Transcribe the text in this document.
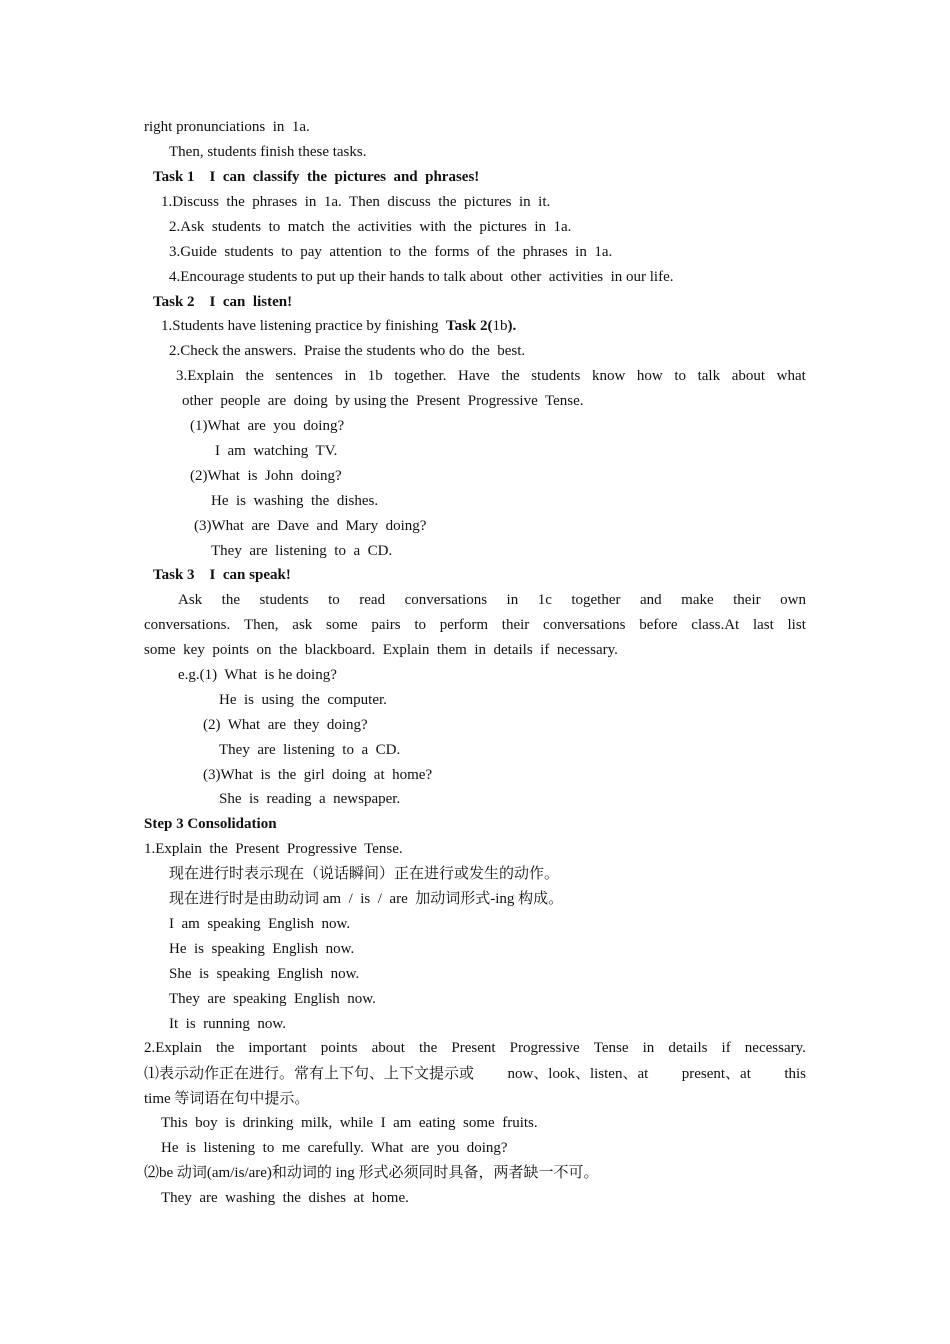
right pronunciations  in  1a.
Then, students finish these tasks.
Task 1    I  can  classify  the  pictures  and  phrases!
1.Discuss  the  phrases  in  1a.  Then  discuss  the  pictures  in  it.
2.Ask  students  to  match  the  activities  with  the  pictures  in  1a.
3.Guide  students  to  pay  attention  to  the  forms  of  the  phrases  in  1a.
4.Encourage students to put up their hands to talk about  other  activities  in our life.
Task 2    I  can  listen!
1.Students have listening practice by finishing  Task 2(1b).
2.Check the answers.  Praise the students who do  the  best.
3.Explain the sentences in 1b together. Have the students know how to talk about what
other  people  are  doing  by using the  Present  Progressive  Tense.
(1)What  are  you  doing?
I  am  watching  TV.
(2)What  is  John  doing?
He  is  washing  the  dishes.
(3)What  are  Dave  and  Mary  doing?
They  are  listening  to  a  CD.
Task 3    I  can speak!
Ask the students to read conversations in 1c together and make their own
conversations. Then, ask some pairs to perform their conversations before class.At last list
some  key  points  on  the  blackboard.  Explain  them  in  details  if  necessary.
e.g.(1)  What  is he doing?
He  is  using  the  computer.
(2)  What  are  they  doing?
They  are  listening  to  a  CD.
(3)What  is  the  girl  doing  at  home?
She  is  reading  a  newspaper.
Step 3 Consolidation
1.Explain  the  Present  Progressive  Tense.
现在进行时表示现在（说话瞬间）正在进行或发生的动作。
现在进行时是由助动词 am  /  is  /  are  加动词形式-ing 构成。
I  am  speaking  English  now.
He  is  speaking  English  now.
She  is  speaking  English  now.
They  are  speaking  English  now.
It  is  running  now.
2.Explain the important points about the Present Progressive Tense in details if necessary.
⑴表示动作正在进行。常有上下句、上下文提示或 now、look、listen、at present、at this
time 等词语在句中提示。
This  boy  is  drinking  milk,  while  I  am  eating  some  fruits.
He  is  listening  to  me  carefully.  What  are  you  doing?
⑵be 动词(am/is/are)和动词的 ing 形式必须同时具备，两者缺一不可。
They  are  washing  the  dishes  at  home.
